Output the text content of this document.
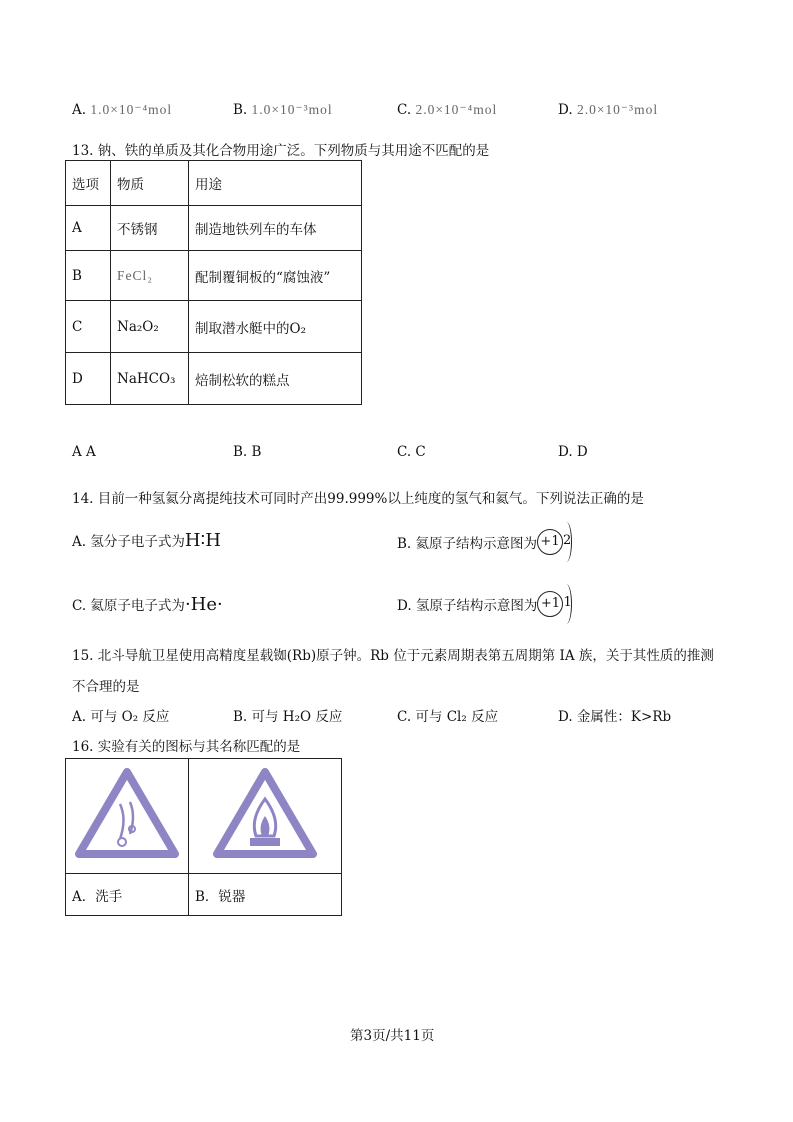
A. 1.0×10⁻⁴mol	B. 1.0×10⁻³mol	C. 2.0×10⁻⁴mol	D. 2.0×10⁻³mol
13. 钠、铁的单质及其化合物用途广泛。下列物质与其用途不匹配的是
选项	物质	用途
A	不锈钢	制造地铁列车的车体
B	FeCl₂	配制覆铜板的“腐蚀液”
C	Na₂O₂	制取潜水艇中的O₂
D	NaHCO₃	焙制松软的糕点
A A	B. B	C. C	D. D
14. 目前一种氢氦分离提纯技术可同时产出99.999%以上纯度的氢气和氦气。下列说法正确的是
A. 氢分子电子式为H∶H	B. 氦原子结构示意图为 +1 2
C. 氦原子电子式为·He·	D. 氢原子结构示意图为 +1 1
15. 北斗导航卫星使用高精度星载铷(Rb)原子钟。Rb 位于元素周期表第五周期第 IA 族，关于其性质的推测
不合理的是
A. 可与 O₂ 反应	B. 可与 H₂O 反应	C. 可与 Cl₂ 反应	D. 金属性：K>Rb
16. 实验有关的图标与其名称匹配的是

A．洗手	B．锐器
第3页/共11页
